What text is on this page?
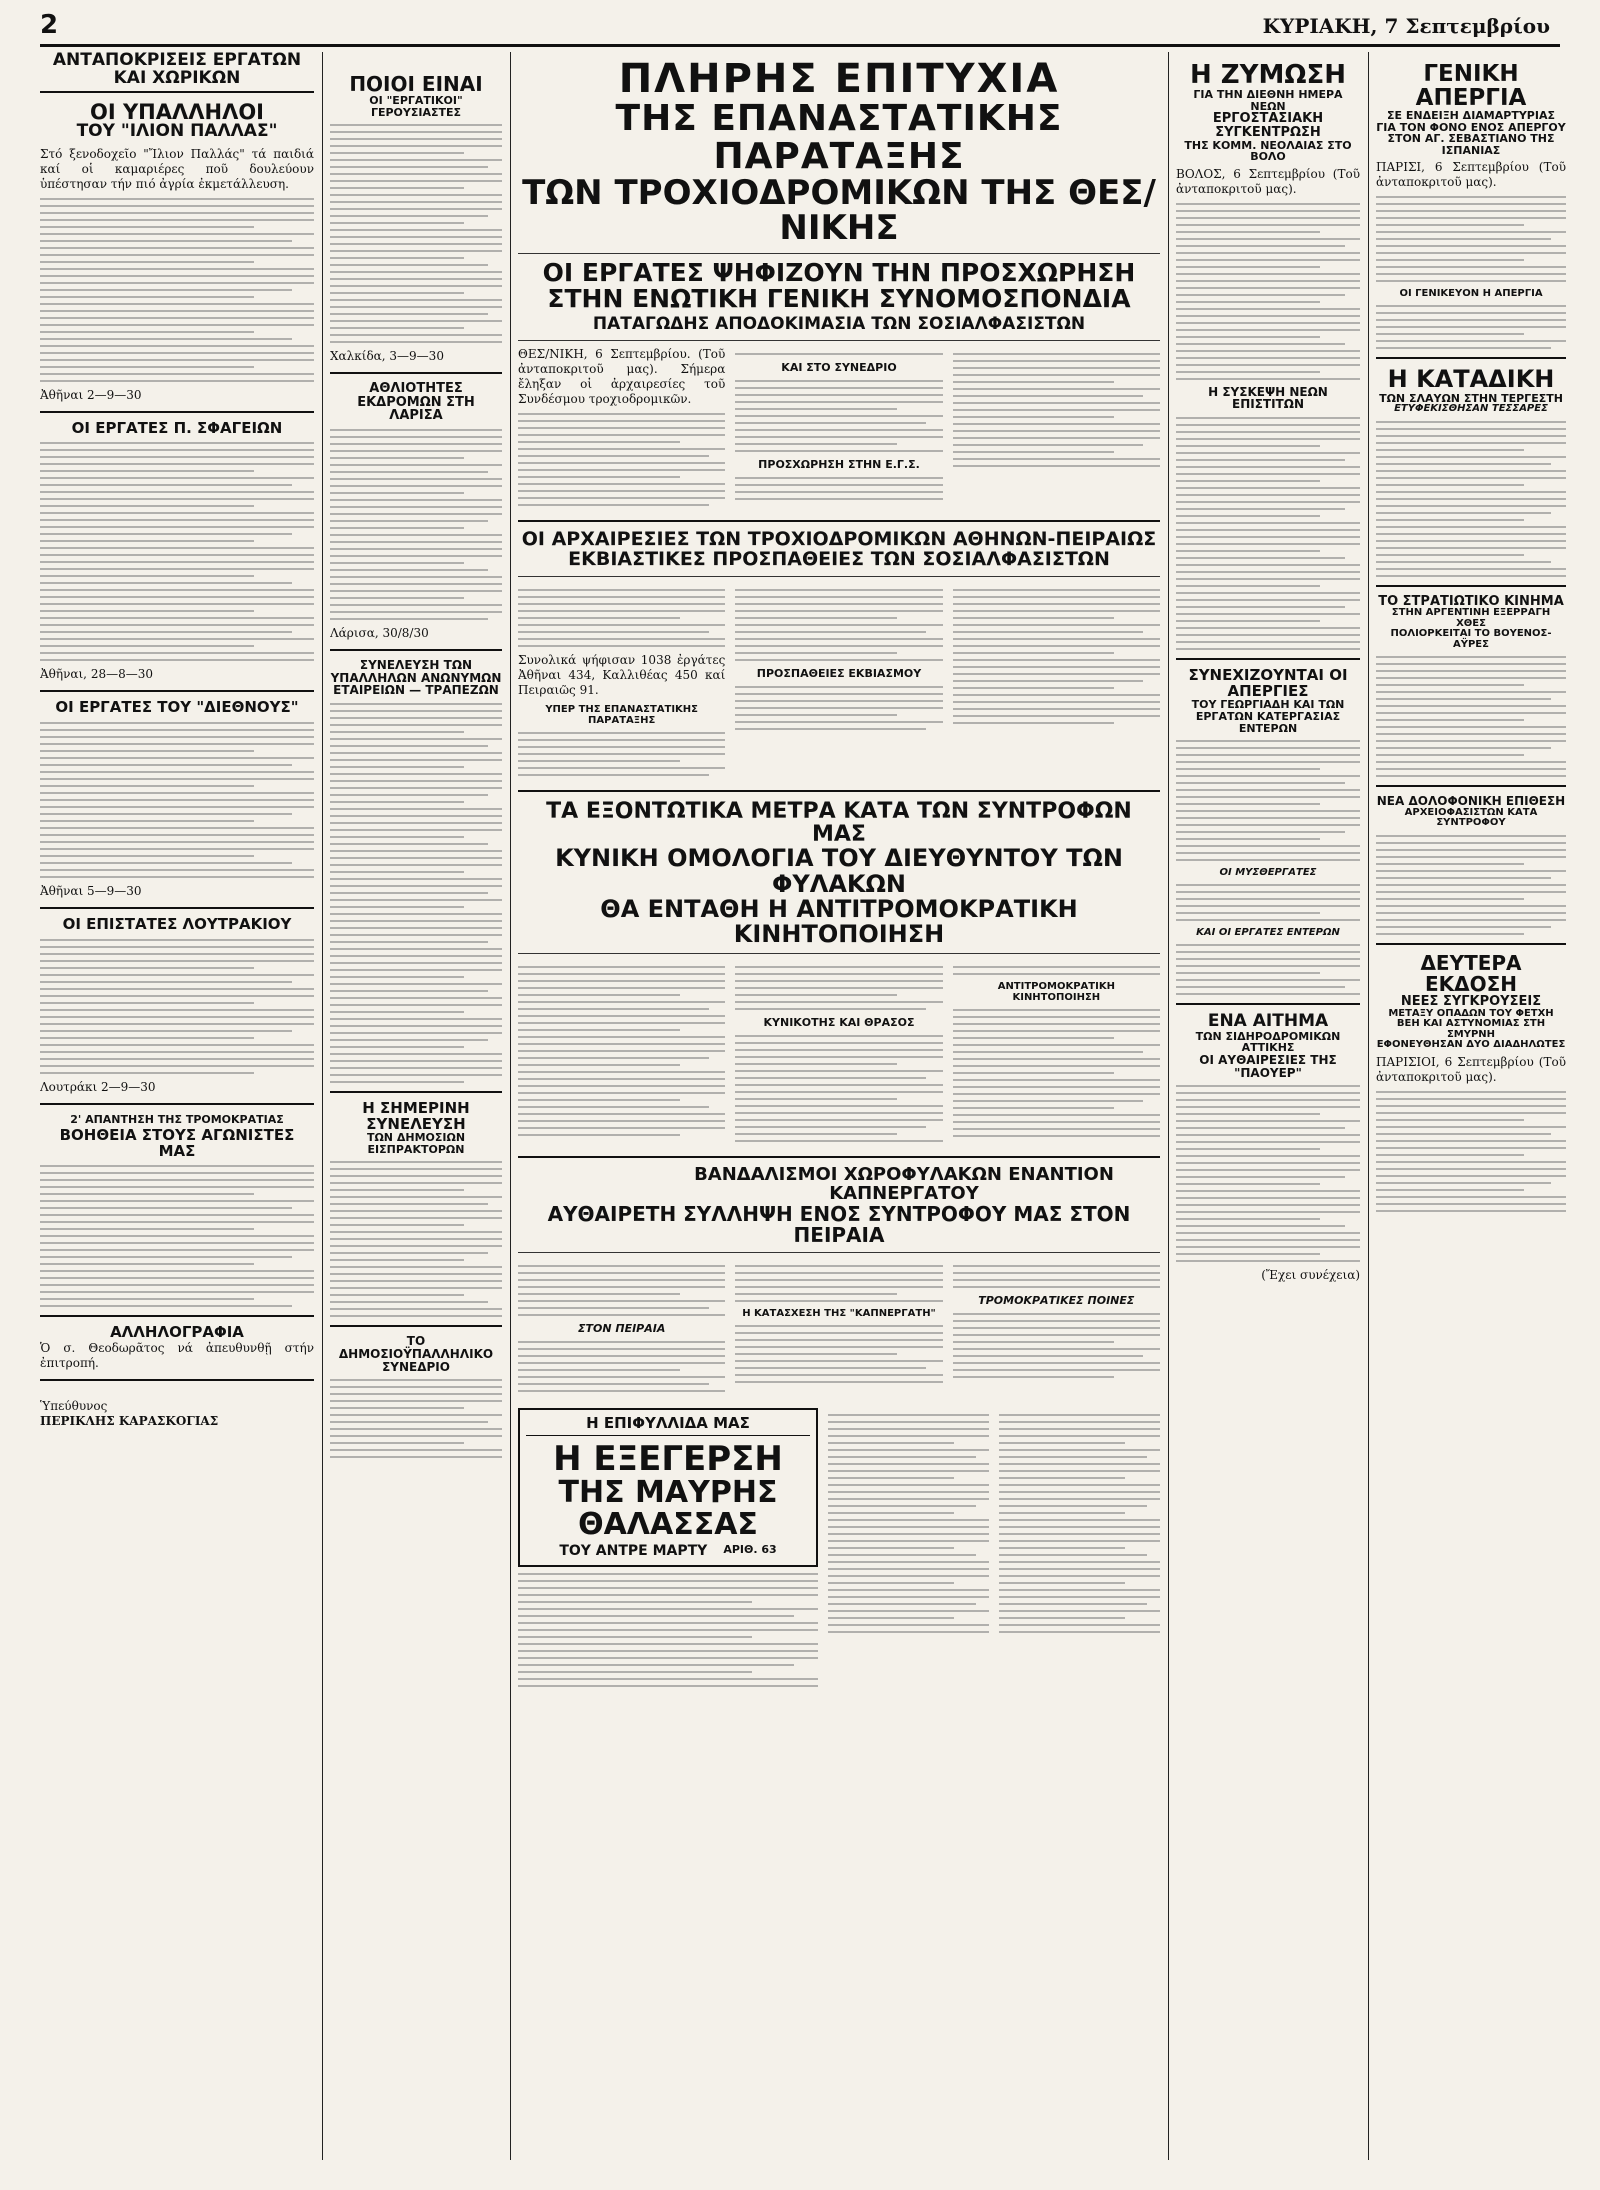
2	ΚΥΡΙΑΚΗ, 7 Σεπτεμβρίου
ΑΝΤΑΠΟΚΡΙΣΕΙΣ ΕΡΓΑΤΩΝ ΚΑΙ ΧΩΡΙΚΩΝ
ΟΙ ΥΠΑΛΛΗΛΟΙ
ΤΟΥ "ΙΛΙΟΝ ΠΑΛΛΑΣ"
Στό ξενοδοχεῖο "Ἴλιον Παλλάς" τά παιδιά καί οἱ καμαριέρες ποῦ δουλεύουν ὑπέστησαν τήν πιό ἀγρία ἐκμετάλλευση.
Ἀθῆναι 2—9—30
ΟΙ ΕΡΓΑΤΕΣ Π. ΣΦΑΓΕΙΩΝ
Ἀθῆναι, 28—8—30
ΟΙ ΕΡΓΑΤΕΣ ΤΟΥ "ΔΙΕΘΝΟΥΣ"
Ἀθῆναι 5—9—30
ΟΙ ΕΠΙΣΤΑΤΕΣ ΛΟΥΤΡΑΚΙΟΥ
Λουτράκι 2—9—30
2' ΑΠΑΝΤΗΣΗ ΤΗΣ ΤΡΟΜΟΚΡΑΤΙΑΣ
ΒΟΗΘΕΙΑ ΣΤΟΥΣ ΑΓΩΝΙΣΤΕΣ ΜΑΣ
ΑΛΛΗΛΟΓΡΑΦΙΑ
Ὁ σ. Θεοδωρᾶτος νά ἀπευθυνθῇ στήν ἐπιτροπή.
Ὑπεύθυνος
ΠΕΡΙΚΛΗΣ ΚΑΡΑΣΚΟΓΙΑΣ
ΠΟΙΟΙ ΕΙΝΑΙ
ΟΙ "ΕΡΓΑΤΙΚΟΙ" ΓΕΡΟΥΣΙΑΣΤΕΣ
Χαλκίδα, 3—9—30
ΑΘΛΙΟΤΗΤΕΣ ΕΚΔΡΟΜΩΝ ΣΤΗ ΛΑΡΙΣΑ
Λάρισα, 30/8/30
ΣΥΝΕΛΕΥΣΗ ΤΩΝ ΥΠΑΛΛΗΛΩΝ ΑΝΩΝΥΜΩΝ ΕΤΑΙΡΕΙΩΝ — ΤΡΑΠΕΖΩΝ
Η ΣΗΜΕΡΙΝΗ ΣΥΝΕΛΕΥΣΗ
ΤΩΝ ΔΗΜΟΣΙΩΝ ΕΙΣΠΡΑΚΤΟΡΩΝ
ΤΟ ΔΗΜΟΣΙΟΫΠΑΛΛΗΛΙΚΟ ΣΥΝΕΔΡΙΟ
ΠΛΗΡΗΣ ΕΠΙΤΥΧΙΑ
ΤΗΣ ΕΠΑΝΑΣΤΑΤΙΚΗΣ ΠΑΡΑΤΑΞΗΣ
ΤΩΝ ΤΡΟΧΙΟΔΡΟΜΙΚΩΝ ΤΗΣ ΘΕΣ/ΝΙΚΗΣ
ΟΙ ΕΡΓΑΤΕΣ ΨΗΦΙΖΟΥΝ ΤΗΝ ΠΡΟΣΧΩΡΗΣΗ
ΣΤΗΝ ΕΝΩΤΙΚΗ ΓΕΝΙΚΗ ΣΥΝΟΜΟΣΠΟΝΔΙΑ
ΠΑΤΑΓΩΔΗΣ ΑΠΟΔΟΚΙΜΑΣΙΑ ΤΩΝ ΣΟΣΙΑΛΦΑΣΙΣΤΩΝ
ΘΕΣ/ΝΙΚΗ, 6 Σεπτεμβρίου. (Τοῦ ἀνταποκριτοῦ μας). Σήμερα ἔληξαν οἱ ἀρχαιρεσίες τοῦ Συνδέσμου τροχιοδρομικῶν.
ΚΑΙ ΣΤΟ ΣΥΝΕΔΡΙΟ
ΠΡΟΣΧΩΡΗΣΗ ΣΤΗΝ Ε.Γ.Σ.
ΟΙ ΑΡΧΑΙΡΕΣΙΕΣ ΤΩΝ ΤΡΟΧΙΟΔΡΟΜΙΚΩΝ ΑΘΗΝΩΝ-ΠΕΙΡΑΙΩΣ
ΕΚΒΙΑΣΤΙΚΕΣ ΠΡΟΣΠΑΘΕΙΕΣ ΤΩΝ ΣΟΣΙΑΛΦΑΣΙΣΤΩΝ
Συνολικά ψήφισαν 1038 ἐργάτες Ἀθῆναι 434, Καλλιθέας 450 καί Πειραιῶς 91.
ΥΠΕΡ ΤΗΣ ΕΠΑΝΑΣΤΑΤΙΚΗΣ ΠΑΡΑΤΑΞΗΣ
ΠΡΟΣΠΑΘΕΙΕΣ ΕΚΒΙΑΣΜΟΥ
ΤΑ ΕΞΟΝΤΩΤΙΚΑ ΜΕΤΡΑ ΚΑΤΑ ΤΩΝ ΣΥΝΤΡΟΦΩΝ ΜΑΣ
ΚΥΝΙΚΗ ΟΜΟΛΟΓΙΑ ΤΟΥ ΔΙΕΥΘΥΝΤΟΥ ΤΩΝ ΦΥΛΑΚΩΝ
ΘΑ ΕΝΤΑΘΗ Η ΑΝΤΙΤΡΟΜΟΚΡΑΤΙΚΗ ΚΙΝΗΤΟΠΟΙΗΣΗ
ΚΥΝΙΚΟΤΗΣ ΚΑΙ ΘΡΑΣΟΣ
ΑΝΤΙΤΡΟΜΟΚΡΑΤΙΚΗ ΚΙΝΗΤΟΠΟΙΗΣΗ
ΒΑΝΔΑΛΙΣΜΟΙ ΧΩΡΟΦΥΛΑΚΩΝ ΕΝΑΝΤΙΟΝ ΚΑΠΝΕΡΓΑΤΟΥ
ΑΥΘΑΙΡΕΤΗ ΣΥΛΛΗΨΗ ΕΝΟΣ ΣΥΝΤΡΟΦΟΥ ΜΑΣ ΣΤΟΝ ΠΕΙΡΑΙΑ
ΣΤΟΝ ΠΕΙΡΑΙΑ
Η ΚΑΤΑΣΧΕΣΗ ΤΗΣ "ΚΑΠΝΕΡΓΑΤΗ"
ΤΡΟΜΟΚΡΑΤΙΚΕΣ ΠΟΙΝΕΣ
Η ΕΠΙΦΥΛΛΙΔΑ ΜΑΣ
Η ΕΞΕΓΕΡΣΗ
ΤΗΣ ΜΑΥΡΗΣ ΘΑΛΑΣΣΑΣ
ΤΟΥ ΑΝΤΡΕ ΜΑΡΤΥ ΑΡΙΘ. 63
Η ΖΥΜΩΣΗ
ΓΙΑ ΤΗΝ ΔΙΕΘΝΗ ΗΜΕΡΑ ΝΕΩΝ
ΕΡΓΟΣΤΑΣΙΑΚΗ ΣΥΓΚΕΝΤΡΩΣΗ
ΤΗΣ ΚΟΜΜ. ΝΕΟΛΑΙΑΣ ΣΤΟ ΒΟΛΟ
ΒΟΛΟΣ, 6 Σεπτεμβρίου (Τοῦ ἀνταποκριτοῦ μας).
Η ΣΥΣΚΕΨΗ ΝΕΩΝ ΕΠΙΣΤΙΤΩΝ
ΣΥΝΕΧΙΖΟΥΝΤΑΙ ΟΙ ΑΠΕΡΓΙΕΣ
ΤΟΥ ΓΕΩΡΓΙΑΔΗ ΚΑΙ ΤΩΝ ΕΡΓΑΤΩΝ ΚΑΤΕΡΓΑΣΙΑΣ ΕΝΤΕΡΩΝ
ΟΙ ΜΥΣΘΕΡΓΑΤΕΣ
ΚΑΙ ΟΙ ΕΡΓΑΤΕΣ ΕΝΤΕΡΩΝ
ΕΝΑ ΑΙΤΗΜΑ
ΤΩΝ ΣΙΔΗΡΟΔΡΟΜΙΚΩΝ ΑΤΤΙΚΗΣ
ΟΙ ΑΥΘΑΙΡΕΣΙΕΣ ΤΗΣ "ΠΑΟΥΕΡ"
(Ἔχει συνέχεια)
ΓΕΝΙΚΗ ΑΠΕΡΓΙΑ
ΣΕ ΕΝΔΕΙΞΗ ΔΙΑΜΑΡΤΥΡΙΑΣ ΓΙΑ ΤΟΝ ΦΟΝΟ ΕΝΟΣ ΑΠΕΡΓΟΥ ΣΤΟΝ ΑΓ. ΣΕΒΑΣΤΙΑΝΟ ΤΗΣ ΙΣΠΑΝΙΑΣ
ΠΑΡΙΣΙ, 6 Σεπτεμβρίου (Τοῦ ἀνταποκριτοῦ μας).
ΟΙ ΓΕΝΙΚΕΥΟΝ Η ΑΠΕΡΓΙΑ
Η ΚΑΤΑΔΙΚΗ
ΤΩΝ ΣΛΑΥΩΝ ΣΤΗΝ ΤΕΡΓΕΣΤΗ
ΕΤΥΦΕΚΙΣΘΗΣΑΝ ΤΕΣΣΑΡΕΣ
ΤΟ ΣΤΡΑΤΙΩΤΙΚΟ ΚΙΝΗΜΑ
ΣΤΗΝ ΑΡΓΕΝΤΙΝΗ ΕΞΕΡΡΑΓΗ ΧΘΕΣ
ΠΟΛΙΟΡΚΕΙΤΑΙ ΤΟ ΒΟΥΕΝΟΣ-ΑΫΡΕΣ
ΝΕΑ ΔΟΛΟΦΟΝΙΚΗ ΕΠΙΘΕΣΗ
ΑΡΧΕΙΟΦΑΣΙΣΤΩΝ ΚΑΤΑ ΣΥΝΤΡΟΦΟΥ
ΔΕΥΤΕΡΑ ΕΚΔΟΣΗ
ΝΕΕΣ ΣΥΓΚΡΟΥΣΕΙΣ
ΜΕΤΑΞΥ ΟΠΑΔΩΝ ΤΟΥ ΦΕΤΧΗ ΒΕΗ ΚΑΙ ΑΣΤΥΝΟΜΙΑΣ ΣΤΗ ΣΜΥΡΝΗ
ΕΦΟΝΕΥΘΗΣΑΝ ΔΥΟ ΔΙΑΔΗΛΩΤΕΣ
ΠΑΡΙΣΙΟΙ, 6 Σεπτεμβρίου (Τοῦ ἀνταποκριτοῦ μας).
